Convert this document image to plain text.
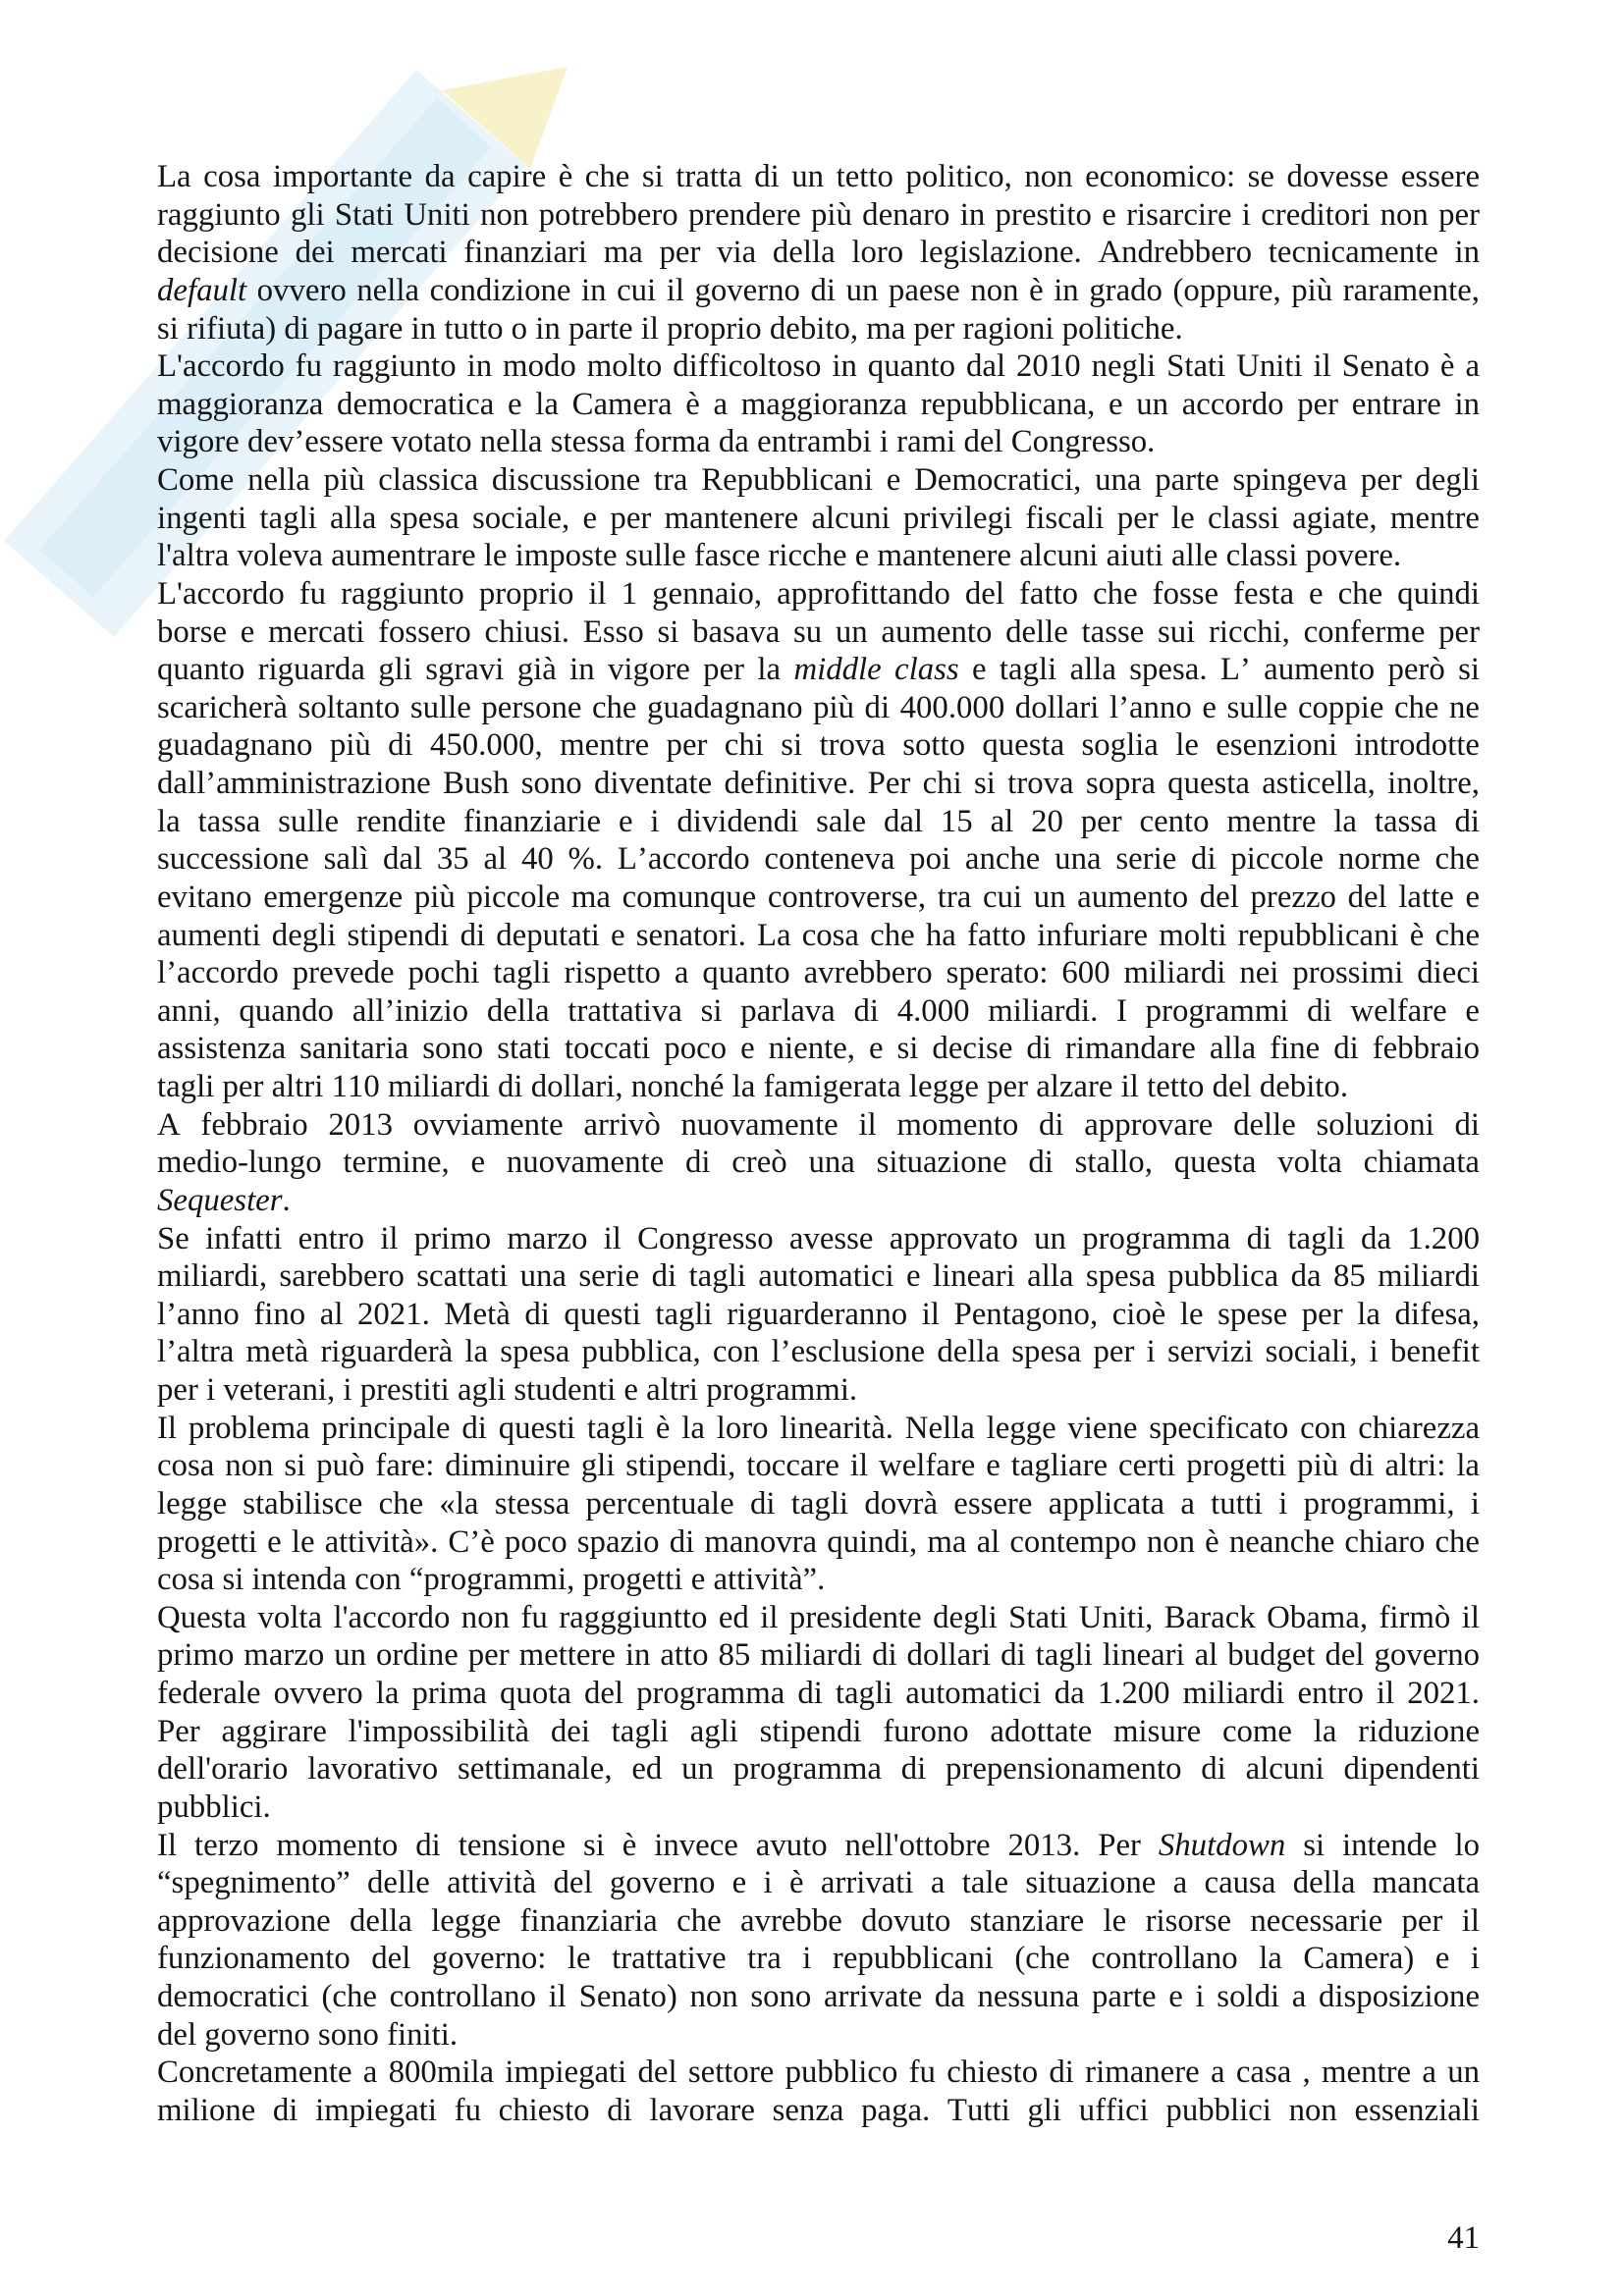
La cosa importante da capire è che si tratta di un tetto politico, non economico: se dovesse essere
raggiunto gli Stati Uniti non potrebbero prendere più denaro in prestito e risarcire i creditori non per
decisione dei mercati finanziari ma per via della loro legislazione. Andrebbero tecnicamente in
default ovvero nella condizione in cui il governo di un paese non è in grado (oppure, più raramente,
si rifiuta) di pagare in tutto o in parte il proprio debito, ma per ragioni politiche.
L'accordo fu raggiunto in modo molto difficoltoso in quanto dal 2010 negli Stati Uniti il Senato è a
maggioranza democratica e la Camera è a maggioranza repubblicana, e un accordo per entrare in
vigore dev’essere votato nella stessa forma da entrambi i rami del Congresso.
Come nella più classica discussione tra Repubblicani e Democratici, una parte spingeva per degli
ingenti tagli alla spesa sociale, e per mantenere alcuni privilegi fiscali per le classi agiate, mentre
l'altra voleva aumentrare le imposte sulle fasce ricche e mantenere alcuni aiuti alle classi povere.
L'accordo fu raggiunto proprio il 1 gennaio, approfittando del fatto che fosse festa e che quindi
borse e mercati fossero chiusi. Esso si basava su un aumento delle tasse sui ricchi, conferme per
quanto riguarda gli sgravi già in vigore per la middle class e tagli alla spesa. L’ aumento però si
scaricherà soltanto sulle persone che guadagnano più di 400.000 dollari l’anno e sulle coppie che ne
guadagnano più di 450.000, mentre per chi si trova sotto questa soglia le esenzioni introdotte
dall’amministrazione Bush sono diventate definitive. Per chi si trova sopra questa asticella, inoltre,
la tassa sulle rendite finanziarie e i dividendi sale dal 15 al 20 per cento mentre la tassa di
successione salì dal 35 al 40 %. L’accordo conteneva poi anche una serie di piccole norme che
evitano emergenze più piccole ma comunque controverse, tra cui un aumento del prezzo del latte e
aumenti degli stipendi di deputati e senatori. La cosa che ha fatto infuriare molti repubblicani è che
l’accordo prevede pochi tagli rispetto a quanto avrebbero sperato: 600 miliardi nei prossimi dieci
anni, quando all’inizio della trattativa si parlava di 4.000 miliardi. I programmi di welfare e
assistenza sanitaria sono stati toccati poco e niente, e si decise di rimandare alla fine di febbraio
tagli per altri 110 miliardi di dollari, nonché la famigerata legge per alzare il tetto del debito.
A febbraio 2013 ovviamente arrivò nuovamente il momento di approvare delle soluzioni di
medio-lungo termine, e nuovamente di creò una situazione di stallo, questa volta chiamata
Sequester.
Se infatti entro il primo marzo il Congresso avesse approvato un programma di tagli da 1.200
miliardi, sarebbero scattati una serie di tagli automatici e lineari alla spesa pubblica da 85 miliardi
l’anno fino al 2021. Metà di questi tagli riguarderanno il Pentagono, cioè le spese per la difesa,
l’altra metà riguarderà la spesa pubblica, con l’esclusione della spesa per i servizi sociali, i benefit
per i veterani, i prestiti agli studenti e altri programmi.
Il problema principale di questi tagli è la loro linearità. Nella legge viene specificato con chiarezza
cosa non si può fare: diminuire gli stipendi, toccare il welfare e tagliare certi progetti più di altri: la
legge stabilisce che «la stessa percentuale di tagli dovrà essere applicata a tutti i programmi, i
progetti e le attività». C’è poco spazio di manovra quindi, ma al contempo non è neanche chiaro che
cosa si intenda con “programmi, progetti e attività”.
Questa volta l'accordo non fu ragggiuntto ed il presidente degli Stati Uniti, Barack Obama, firmò il
primo marzo un ordine per mettere in atto 85 miliardi di dollari di tagli lineari al budget del governo
federale ovvero la prima quota del programma di tagli automatici da 1.200 miliardi entro il 2021.
Per aggirare l'impossibilità dei tagli agli stipendi furono adottate misure come la riduzione
dell'orario lavorativo settimanale, ed un programma di prepensionamento di alcuni dipendenti
pubblici.
Il terzo momento di tensione si è invece avuto nell'ottobre 2013. Per Shutdown si intende lo
“spegnimento” delle attività del governo e i è arrivati a tale situazione a causa della mancata
approvazione della legge finanziaria che avrebbe dovuto stanziare le risorse necessarie per il
funzionamento del governo: le trattative tra i repubblicani (che controllano la Camera) e i
democratici (che controllano il Senato) non sono arrivate da nessuna parte e i soldi a disposizione
del governo sono finiti.
Concretamente a 800mila impiegati del settore pubblico fu chiesto di rimanere a casa , mentre a un
milione di impiegati fu chiesto di lavorare senza paga. Tutti gli uffici pubblici non essenziali
41
